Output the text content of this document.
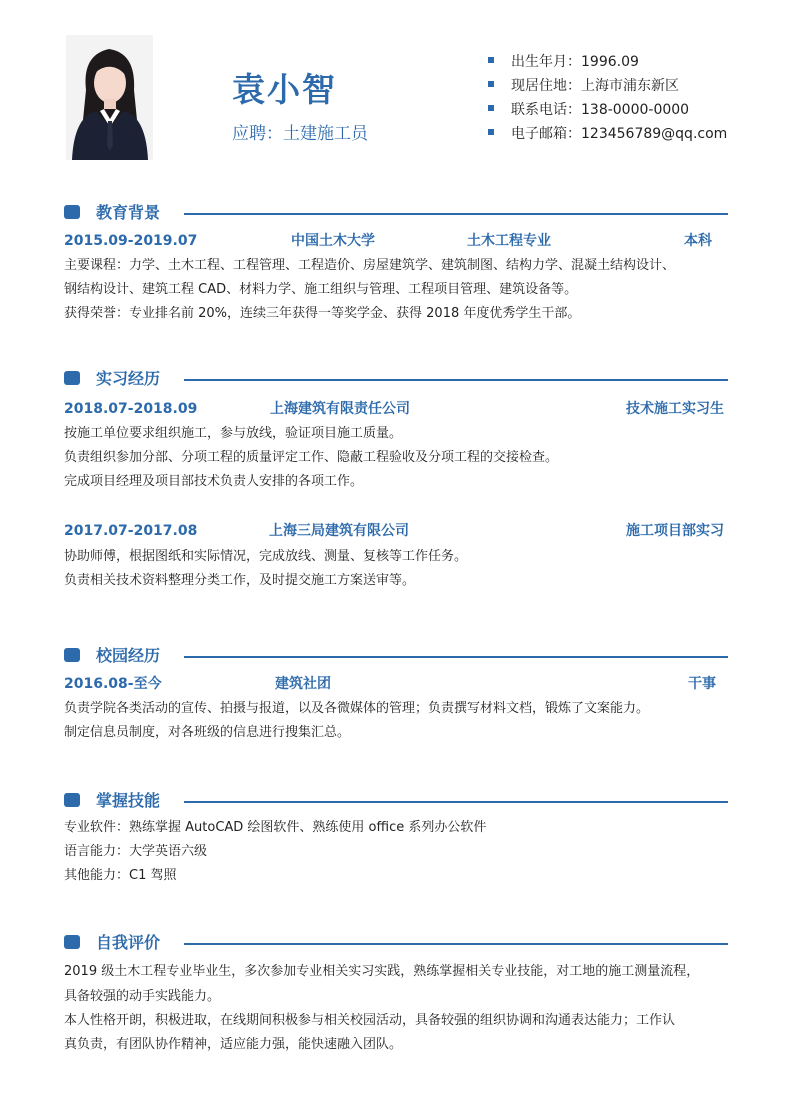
袁小智
应聘：土建施工员
出生年月：1996.09
现居住地：上海市浦东新区
联系电话：138-0000-0000
电子邮箱：123456789@qq.com
教育背景
2015.09-2019.07	中国土木大学	土木工程专业	本科
主要课程：力学、土木工程、工程管理、工程造价、房屋建筑学、建筑制图、结构力学、混凝土结构设计、
钢结构设计、建筑工程 CAD、材料力学、施工组织与管理、工程项目管理、建筑设备等。
获得荣誉：专业排名前 20%，连续三年获得一等奖学金、获得 2018 年度优秀学生干部。
实习经历
2018.07-2018.09	上海建筑有限责任公司	技术施工实习生
按施工单位要求组织施工，参与放线，验证项目施工质量。
负责组织参加分部、分项工程的质量评定工作、隐蔽工程验收及分项工程的交接检查。
完成项目经理及项目部技术负责人安排的各项工作。
2017.07-2017.08	上海三局建筑有限公司	施工项目部实习
协助师傅，根据图纸和实际情况，完成放线、测量、复核等工作任务。
负责相关技术资料整理分类工作，及时提交施工方案送审等。
校园经历
2016.08-至今	建筑社团	干事
负责学院各类活动的宣传、拍摄与报道，以及各微媒体的管理；负责撰写材料文档，锻炼了文案能力。
制定信息员制度，对各班级的信息进行搜集汇总。
掌握技能
专业软件：熟练掌握 AutoCAD 绘图软件、熟练使用 office 系列办公软件
语言能力：大学英语六级
其他能力：C1 驾照
自我评价
2019 级土木工程专业毕业生，多次参加专业相关实习实践，熟练掌握相关专业技能，对工地的施工测量流程，
具备较强的动手实践能力。
本人性格开朗，积极进取，在线期间积极参与相关校园活动，具备较强的组织协调和沟通表达能力；工作认
真负责，有团队协作精神，适应能力强，能快速融入团队。
